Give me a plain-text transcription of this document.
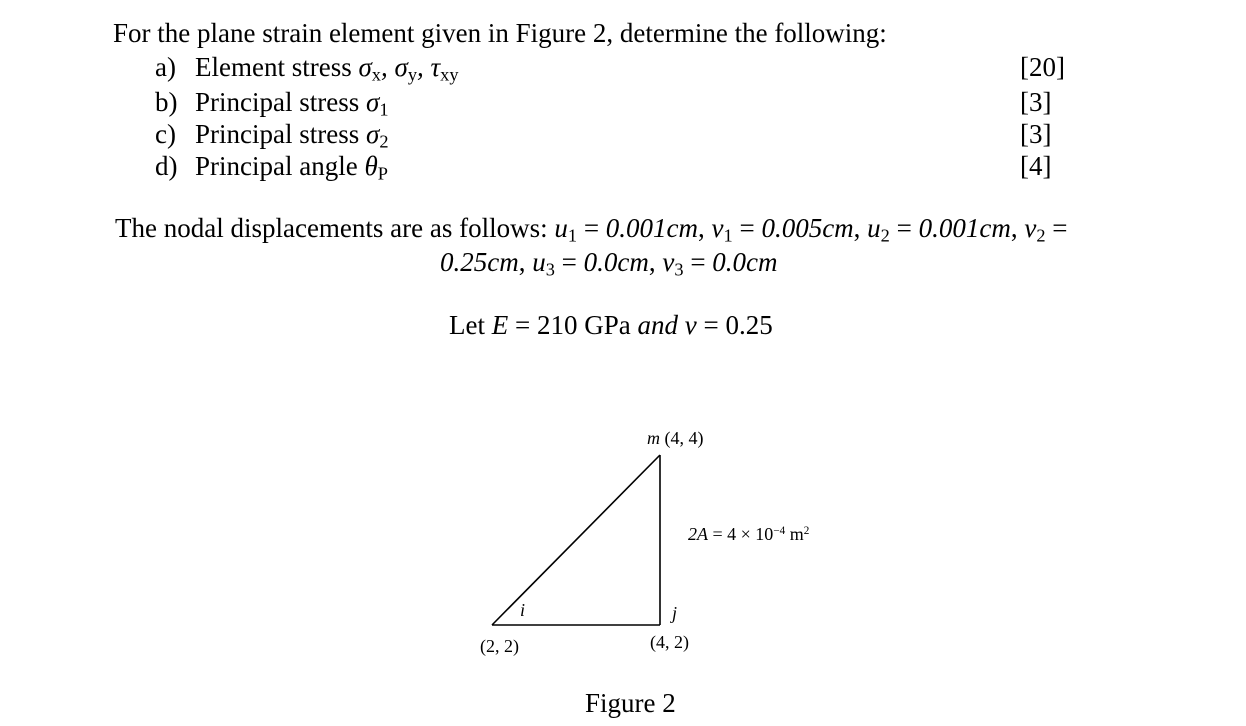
For the plane strain element given in Figure 2, determine the following:
a) Element stress $\sigma_x$, $\sigma_y$, $\tau_{xy}$
b) Principal stress $\sigma_1$
c) Principal stress $\sigma_2$
d) Principal angle $\theta_P$
[20]
[3]
[3]
[4]
The nodal displacements are as follows: $u_1 = 0.001cm$, $v_1 = 0.005cm$, $u_2 = 0.001cm$, $v_2$ =
0.25cm, $u_3 = 0.0cm$, $v_3 = 0.0cm$
Let E = 210 GPa and v = 0.25
m (4, 4)
$2A = 4 \times 10^{-4}$ $m^2$
i	j
(2, 2)	(4, 2)
Figure 2
